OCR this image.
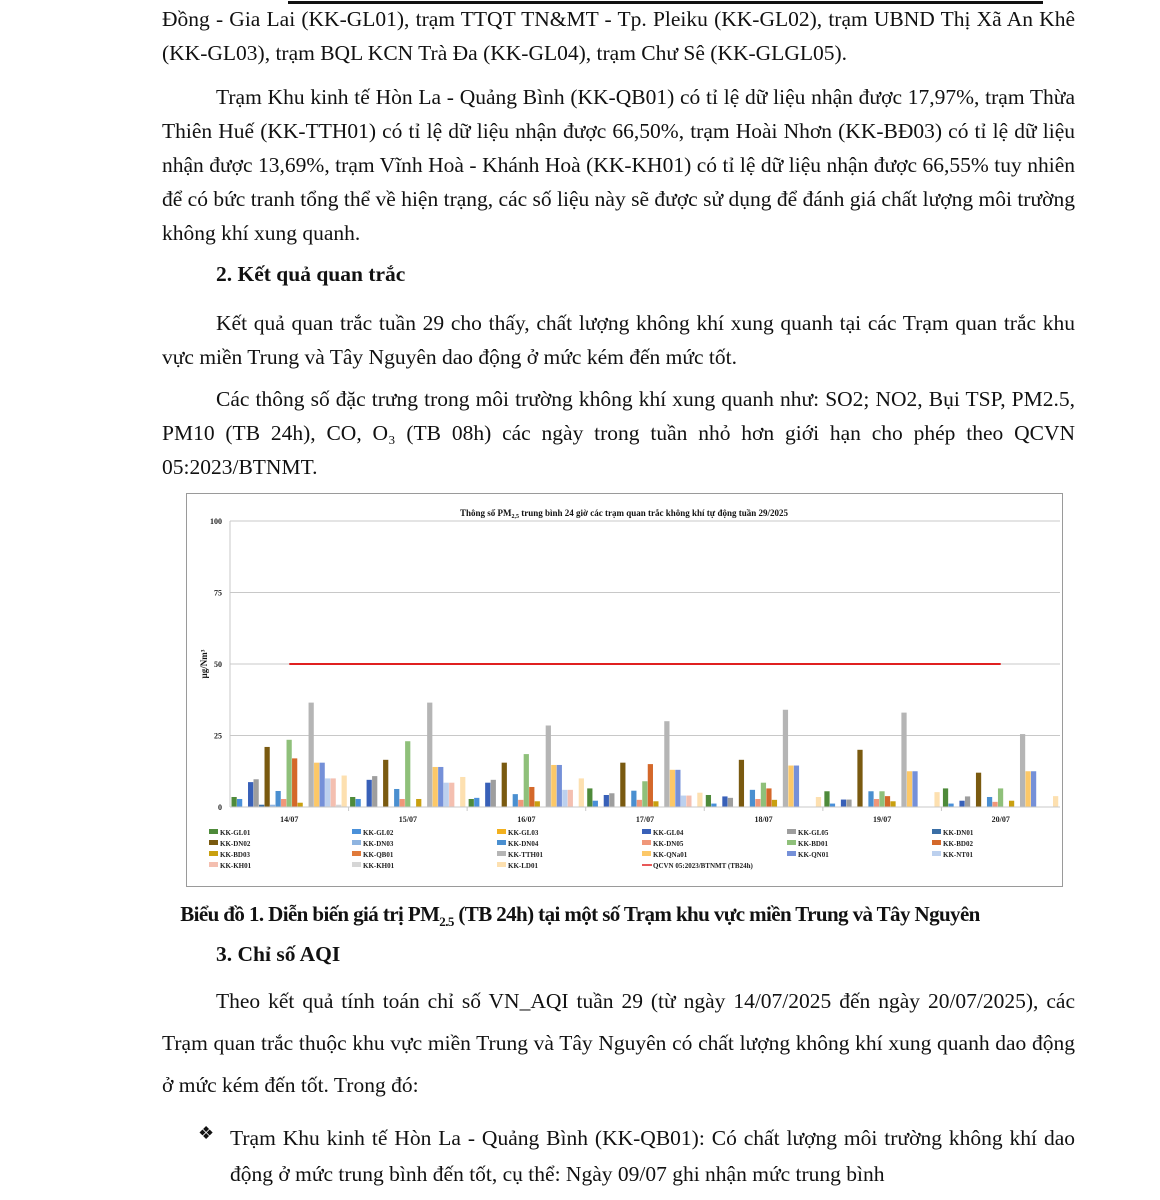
Đồng - Gia Lai (KK-GL01), trạm TTQT TN&MT - Tp. Pleiku (KK-GL02), trạm UBND Thị Xã An Khê (KK-GL03), trạm BQL KCN Trà Đa (KK-GL04), trạm Chư Sê (KK-GLGL05).

Trạm Khu kinh tế Hòn La - Quảng Bình (KK-QB01) có tỉ lệ dữ liệu nhận được 17,97%, trạm Thừa Thiên Huế (KK-TTH01) có tỉ lệ dữ liệu nhận được 66,50%, trạm Hoài Nhơn (KK-BĐ03) có tỉ lệ dữ liệu nhận được 13,69%, trạm Vĩnh Hoà - Khánh Hoà (KK-KH01) có tỉ lệ dữ liệu nhận được 66,55% tuy nhiên để có bức tranh tổng thể về hiện trạng, các số liệu này sẽ được sử dụng để đánh giá chất lượng môi trường không khí xung quanh.

2. Kết quả quan trắc

Kết quả quan trắc tuần 29 cho thấy, chất lượng không khí xung quanh tại các Trạm quan trắc khu vực miền Trung và Tây Nguyên dao động ở mức kém đến mức tốt.

Các thông số đặc trưng trong môi trường không khí xung quanh như: SO2; NO2, Bụi TSP, PM2.5, PM10 (TB 24h), CO, O₃ (TB 08h) các ngày trong tuần nhỏ hơn giới hạn cho phép theo QCVN 05:2023/BTNMT.

Thông số $PM_{2,5}$ trung bình 24 giờ các trạm quan trắc không khí tự động tuần 29/2025
0
25
50
75
100
µg/Nm³
14/07	15/07	16/07	17/07	18/07	19/07	20/07
KK-GL01	KK-GL02	KK-GL03	KK-GL04	KK-GL05	KK-DN01
KK-DN02	KK-DN03	KK-DN04	KK-DN05	KK-BD01	KK-BD02
KK-BD03	KK-QB01	KK-TTH01	KK-QNa01	KK-QN01	KK-NT01
KK-KH01	KK-KH01	KK-LD01	QCVN 05:2023/BTNMT (TB24h)

Biểu đồ 1. Diễn biến giá trị $PM_{2.5}$ (TB 24h) tại một số Trạm khu vực miền Trung và Tây Nguyên

3. Chỉ số AQI

Theo kết quả tính toán chỉ số VN_AQI tuần 29 (từ ngày 14/07/2025 đến ngày 20/07/2025), các Trạm quan trắc thuộc khu vực miền Trung và Tây Nguyên có chất lượng không khí xung quanh dao động ở mức kém đến tốt. Trong đó:

❖ Trạm Khu kinh tế Hòn La - Quảng Bình (KK-QB01): Có chất lượng môi trường không khí dao động ở mức trung bình đến tốt, cụ thể: Ngày 09/07 ghi nhận mức trung bình
